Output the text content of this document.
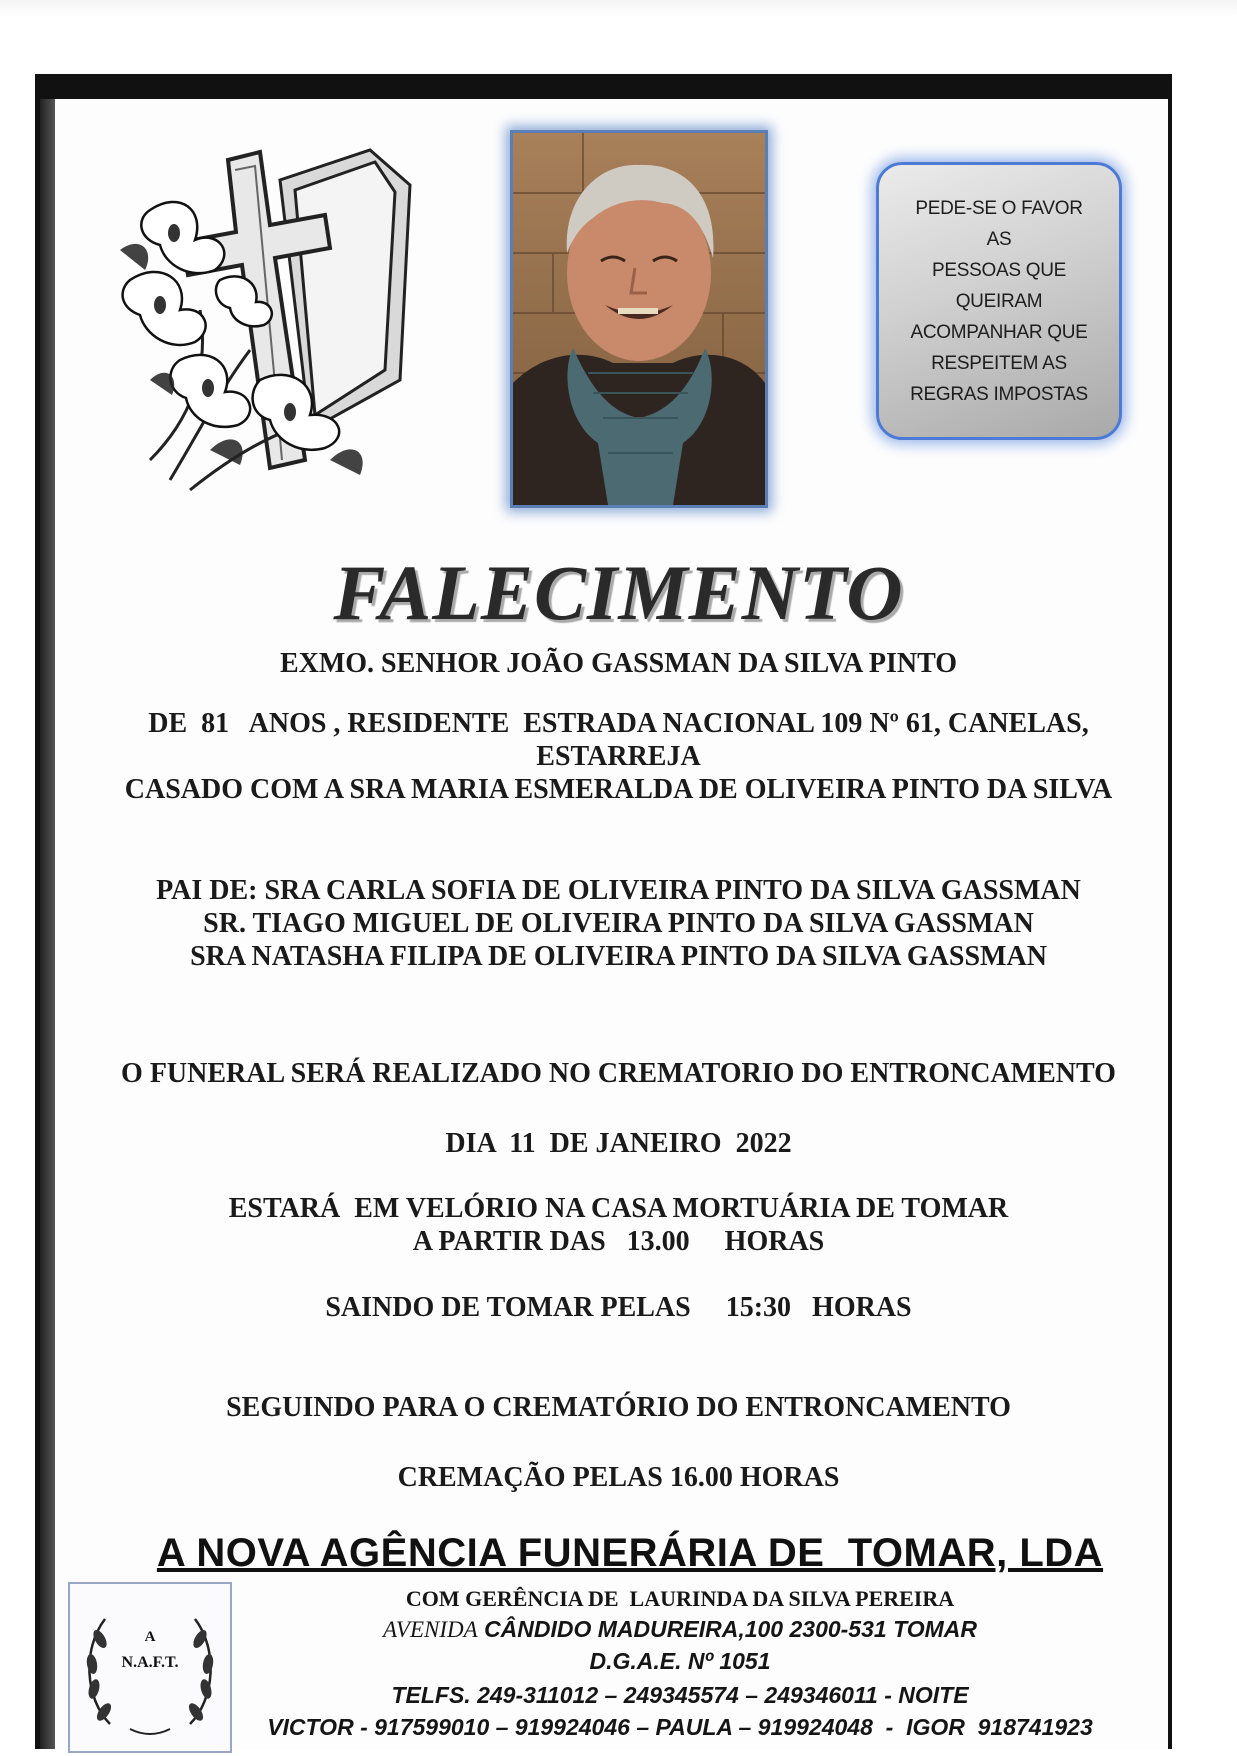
PEDE-SE O FAVOR AS
PESSOAS QUE
QUEIRAM
ACOMPANHAR QUE
RESPEITEM AS
REGRAS IMPOSTAS
FALECIMENTO
EXMO. SENHOR JOÃO GASSMAN DA SILVA PINTO
DE  81   ANOS , RESIDENTE  ESTRADA NACIONAL 109 Nº 61, CANELAS,
ESTARREJA
CASADO COM A SRA MARIA ESMERALDA DE OLIVEIRA PINTO DA SILVA
PAI DE: SRA CARLA SOFIA DE OLIVEIRA PINTO DA SILVA GASSMAN
SR. TIAGO MIGUEL DE OLIVEIRA PINTO DA SILVA GASSMAN
SRA NATASHA FILIPA DE OLIVEIRA PINTO DA SILVA GASSMAN
O FUNERAL SERÁ REALIZADO NO CREMATORIO DO ENTRONCAMENTO
DIA  11  DE JANEIRO  2022
ESTARÁ  EM VELÓRIO NA CASA MORTUÁRIA DE TOMAR
A PARTIR DAS   13.00     HORAS
SAINDO DE TOMAR PELAS     15:30   HORAS
SEGUINDO PARA O CREMATÓRIO DO ENTRONCAMENTO
CREMAÇÃO PELAS 16.00 HORAS
A NOVA AGÊNCIA FUNERÁRIA DE  TOMAR, LDA
A
N.A.F.T.
COM GERÊNCIA DE  LAURINDA DA SILVA PEREIRA
AVENIDA CÂNDIDO MADUREIRA,100 2300-531 TOMAR
D.G.A.E. Nº 1051
TELFS. 249-311012 – 249345574 – 249346011 - NOITE
VICTOR - 917599010 – 919924046 – PAULA – 919924048  -  IGOR  918741923
